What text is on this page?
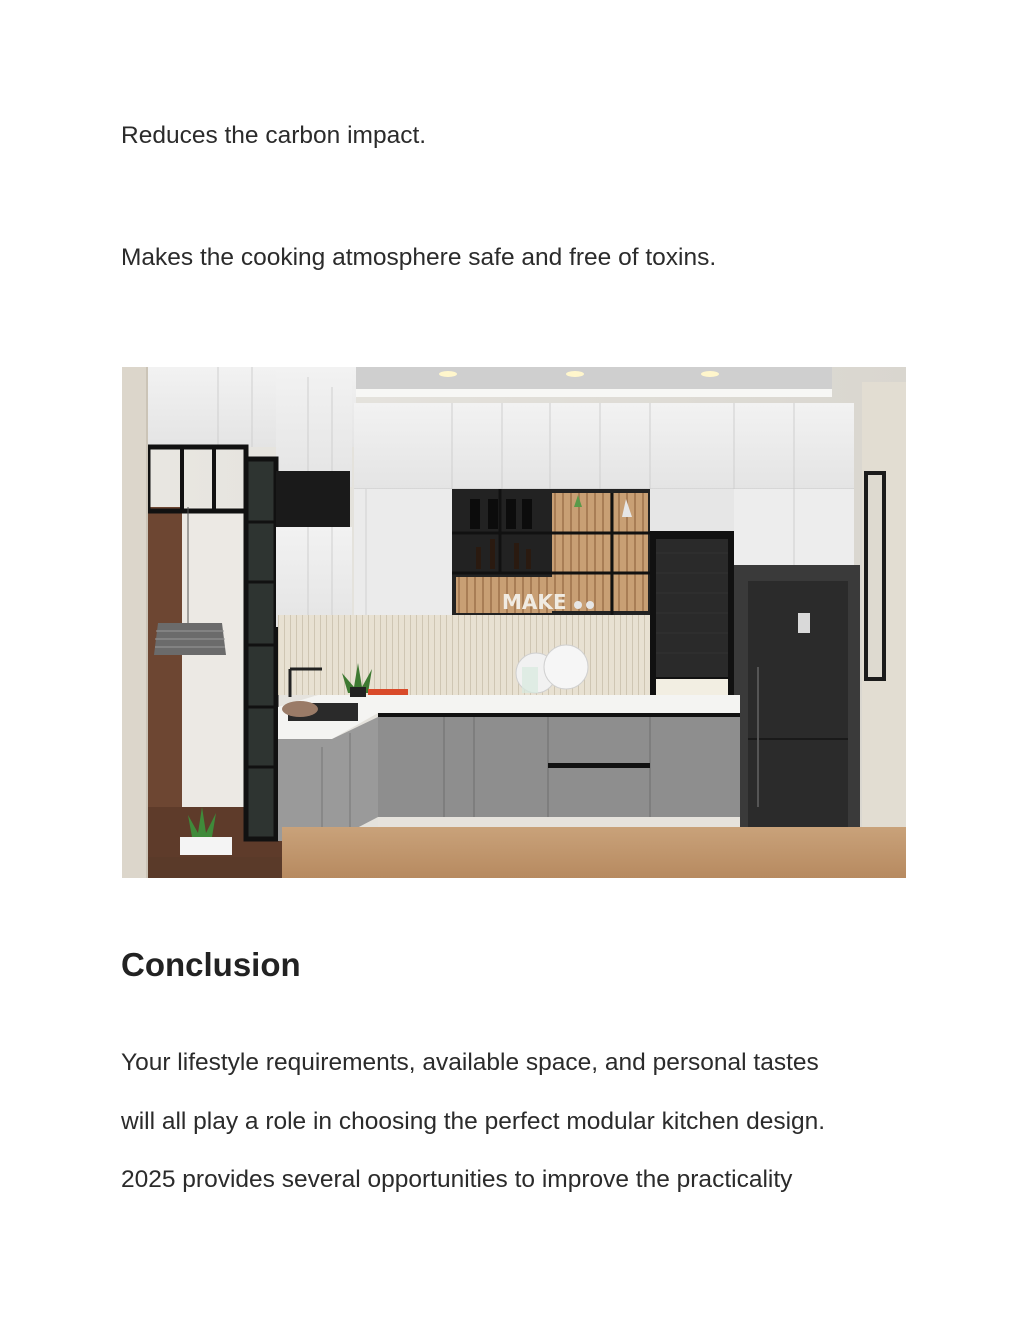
Reduces the carbon impact.
Makes the cooking atmosphere safe and free of toxins.
MAKE
Conclusion
Your lifestyle requirements, available space, and personal tastes
will all play a role in choosing the perfect modular kitchen design.
2025 provides several opportunities to improve the practicality
